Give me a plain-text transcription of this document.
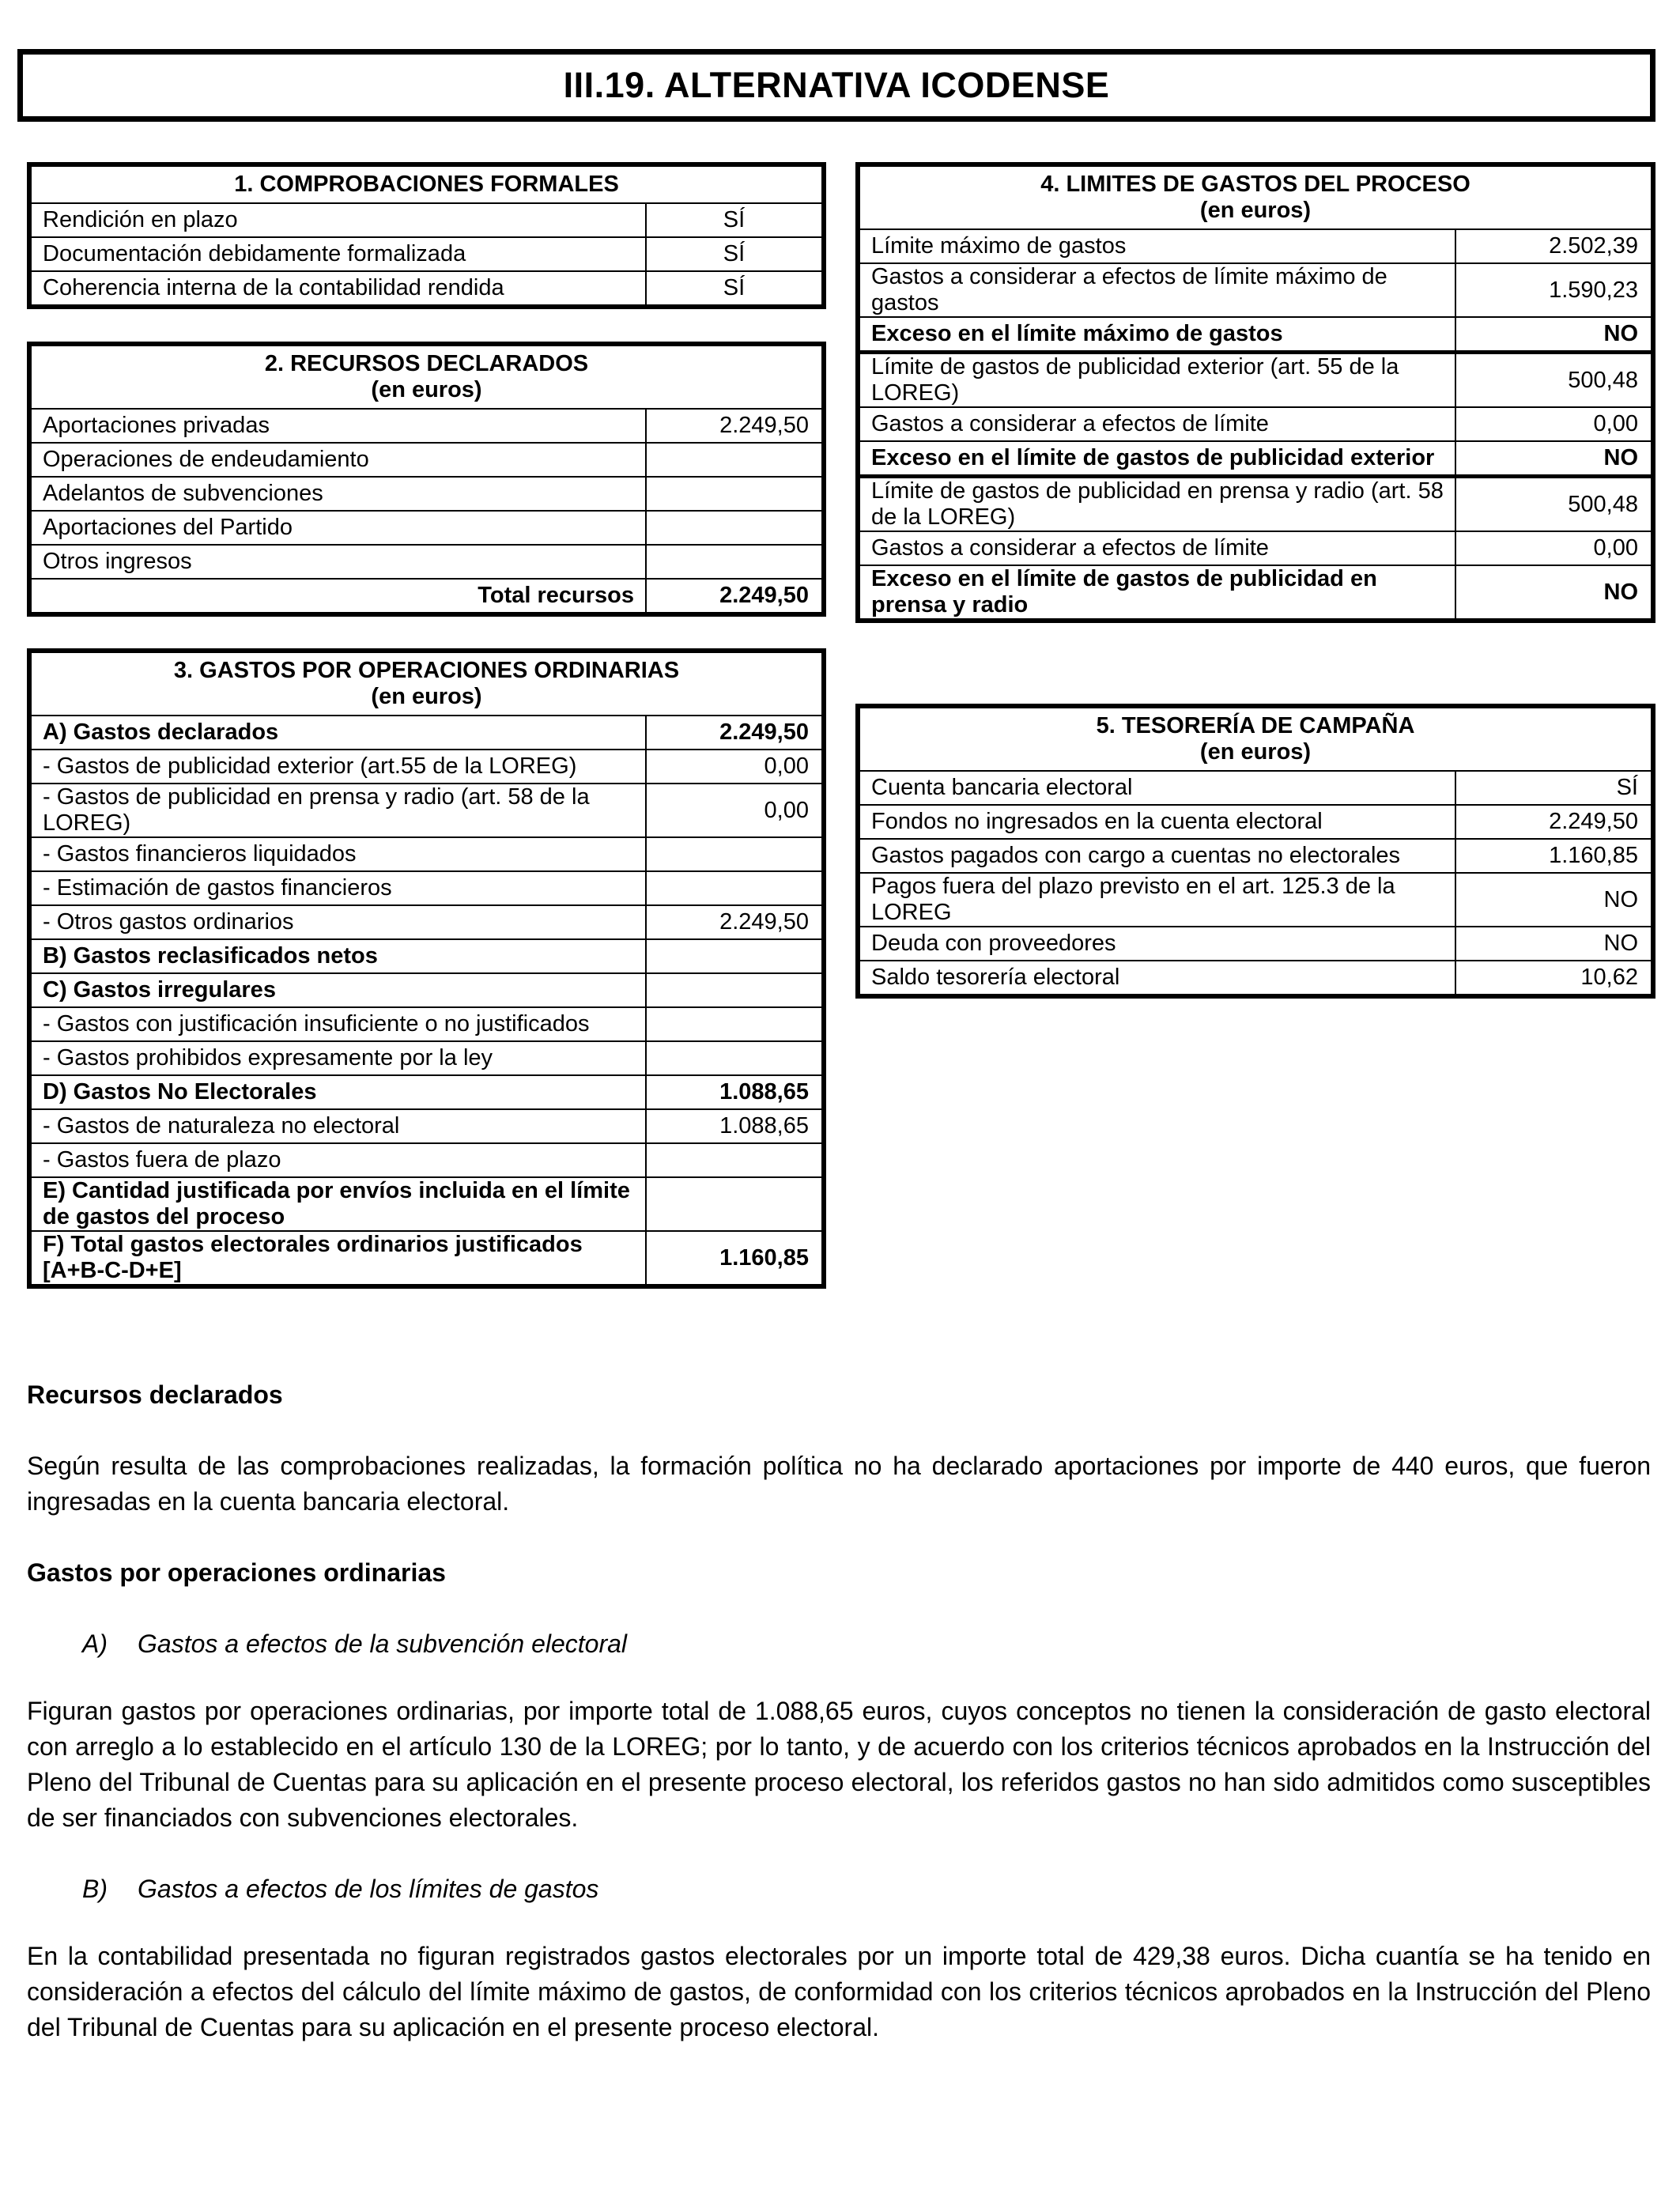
III.19. ALTERNATIVA ICODENSE
1. COMPROBACIONES FORMALES	
Rendición en plazo	SÍ
Documentación debidamente formalizada	SÍ
Coherencia interna de la contabilidad rendida	SÍ
2. RECURSOS DECLARADOS
(en euros)	

Aportaciones privadas	2.249,50
Operaciones de endeudamiento	
Adelantos de subvenciones	
Aportaciones del Partido	
Otros ingresos	
Total recursos	2.249,50
3. GASTOS POR OPERACIONES ORDINARIAS
(en euros)	

A) Gastos declarados	2.249,50
- Gastos de publicidad exterior (art.55 de la LOREG)	0,00
- Gastos de publicidad en prensa y radio (art. 58 de la LOREG)	0,00
- Gastos financieros liquidados	
- Estimación de gastos financieros	
- Otros gastos ordinarios	2.249,50
B) Gastos reclasificados netos	
C) Gastos irregulares	
- Gastos con justificación insuficiente o no justificados	
- Gastos prohibidos expresamente por la ley	
D) Gastos No Electorales	1.088,65
- Gastos de naturaleza no electoral	1.088,65
- Gastos fuera de plazo	
E) Cantidad justificada por envíos incluida en el límite de gastos del proceso	
F) Total gastos electorales ordinarios justificados [A+B-C-D+E]	1.160,85
4. LIMITES DE GASTOS DEL PROCESO
(en euros)	

Límite máximo de gastos	2.502,39
Gastos a considerar a efectos de límite máximo de gastos	1.590,23
Exceso en el límite máximo de gastos	NO
Límite de gastos de publicidad exterior (art. 55 de la LOREG)	500,48
Gastos a considerar a efectos de límite	0,00
Exceso en el límite de gastos de publicidad exterior	NO
Límite de gastos de publicidad en prensa y radio (art. 58 de la LOREG)	500,48
Gastos a considerar a efectos de límite	0,00
Exceso en el límite de gastos de publicidad en prensa y radio	NO
5. TESORERÍA DE CAMPAÑA
(en euros)	

Cuenta bancaria electoral	SÍ
Fondos no ingresados en la cuenta electoral	2.249,50
Gastos pagados con cargo a cuentas no electorales	1.160,85
Pagos fuera del plazo previsto en el art. 125.3 de la LOREG	NO
Deuda con proveedores	NO
Saldo tesorería electoral	10,62

Recursos declarados

Según resulta de las comprobaciones realizadas, la formación política no ha declarado aportaciones por importe de 440 euros, que fueron ingresadas en la cuenta bancaria electoral.

Gastos por operaciones ordinarias

A) Gastos a efectos de la subvención electoral

Figuran gastos por operaciones ordinarias, por importe total de 1.088,65 euros, cuyos conceptos no tienen la consideración de gasto electoral con arreglo a lo establecido en el artículo 130 de la LOREG; por lo tanto, y de acuerdo con los criterios técnicos aprobados en la Instrucción del Pleno del Tribunal de Cuentas para su aplicación en el presente proceso electoral, los referidos gastos no han sido admitidos como susceptibles de ser financiados con subvenciones electorales.

B) Gastos a efectos de los límites de gastos

En la contabilidad presentada no figuran registrados gastos electorales por un importe total de 429,38 euros. Dicha cuantía se ha tenido en consideración a efectos del cálculo del límite máximo de gastos, de conformidad con los criterios técnicos aprobados en la Instrucción del Pleno del Tribunal de Cuentas para su aplicación en el presente proceso electoral.
